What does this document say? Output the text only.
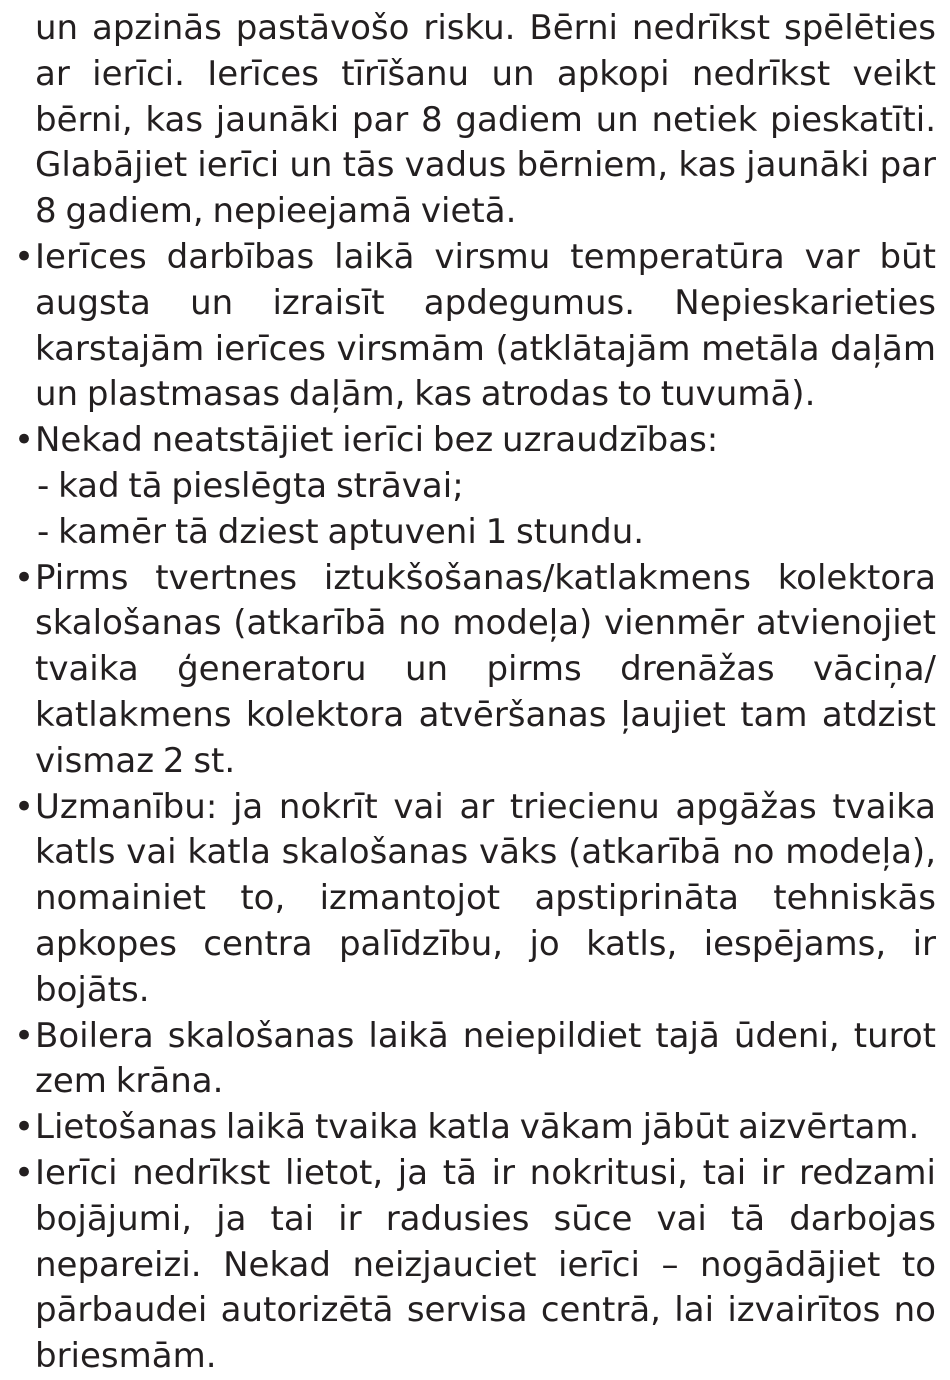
un apzinās pastāvošo risku. Bērni nedrīkst spēlēties ar ierīci. Ierīces tīrīšanu un apkopi nedrīkst veikt bērni, kas jaunāki par 8 gadiem un netiek pieskatīti. Glabājiet ierīci un tās vadus bērniem, kas jaunāki par 8 gadiem, nepieejamā vietā.
• Ierīces darbības laikā virsmu temperatūra var būt augsta un izraisīt apdegumus. Nepieskarieties karstajām ierīces virsmām (atklātajām metāla daļām un plastmasas daļām, kas atrodas to tuvumā).
• Nekad neatstājiet ierīci bez uzraudzības:
- kad tā pieslēgta strāvai;
- kamēr tā dziest aptuveni 1 stundu.
• Pirms tvertnes iztukšošanas/katlakmens kolektora skalošanas (atkarībā no modeļa) vienmēr atvienojiet tvaika ģeneratoru un pirms drenāžas vāciņa/ katlakmens kolektora atvēršanas ļaujiet tam atdzist vismaz 2 st.
• Uzmanību: ja nokrīt vai ar triecienu apgāžas tvaika katls vai katla skalošanas vāks (atkarībā no modeļa), nomainiet to, izmantojot apstiprināta tehniskās apkopes centra palīdzību, jo katls, iespējams, ir bojāts.
• Boilera skalošanas laikā neiepildiet tajā ūdeni, turot zem krāna.
• Lietošanas laikā tvaika katla vākam jābūt aizvērtam.
• Ierīci nedrīkst lietot, ja tā ir nokritusi, tai ir redzami bojājumi, ja tai ir radusies sūce vai tā darbojas nepareizi. Nekad neizjauciet ierīci – nogādājiet to pārbaudei autorizētā servisa centrā, lai izvairītos no briesmām.
